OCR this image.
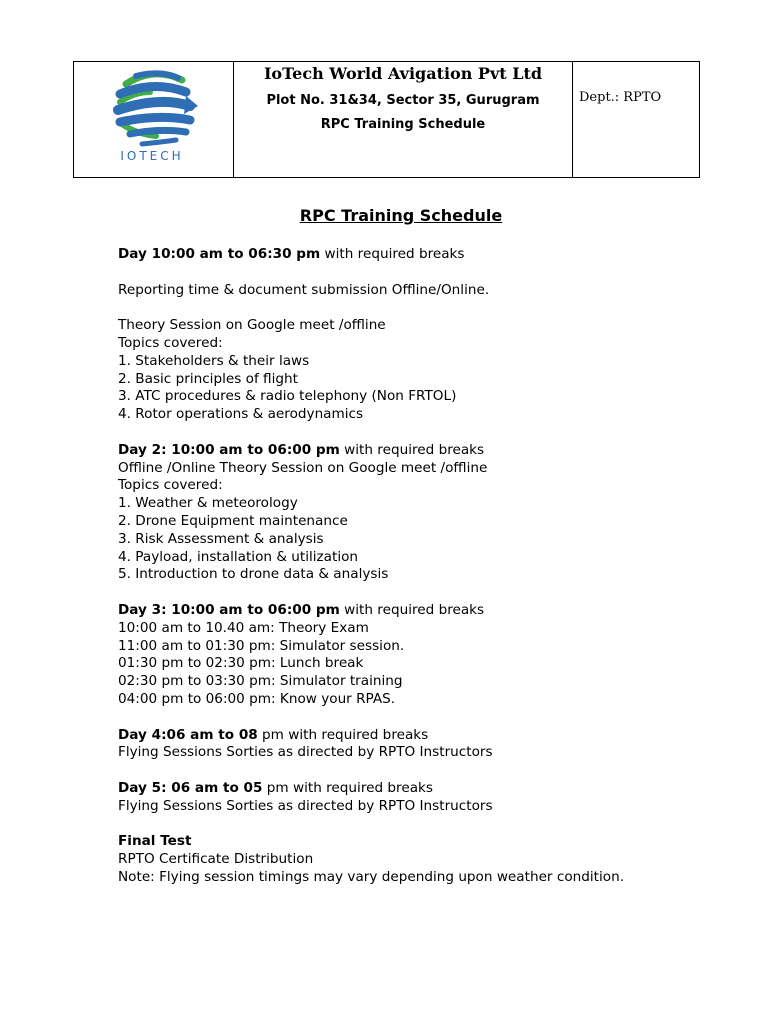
IOTECH

IoTech World Avigation Pvt Ltd
Plot No. 31&34, Sector 35, Gurugram
RPC Training Schedule
	Dept.: RPTO
RPC Training Schedule
Day 10:00 am to 06:30 pm with required breaks
Reporting time & document submission Offline/Online.
Theory Session on Google meet /offline
Topics covered:
1. Stakeholders & their laws
2. Basic principles of flight
3. ATC procedures & radio telephony (Non FRTOL)
4. Rotor operations & aerodynamics
Day 2: 10:00 am to 06:00 pm with required breaks
Offline /Online Theory Session on Google meet /offline
Topics covered:
1. Weather & meteorology
2. Drone Equipment maintenance
3. Risk Assessment & analysis
4. Payload, installation & utilization
5. Introduction to drone data & analysis
Day 3: 10:00 am to 06:00 pm with required breaks
10:00 am to 10.40 am: Theory Exam
11:00 am to 01:30 pm: Simulator session.
01:30 pm to 02:30 pm: Lunch break
02:30 pm to 03:30 pm: Simulator training
04:00 pm to 06:00 pm: Know your RPAS.
Day 4:06 am to 08 pm with required breaks
Flying Sessions Sorties as directed by RPTO Instructors
Day 5: 06 am to 05 pm with required breaks
Flying Sessions Sorties as directed by RPTO Instructors
Final Test
RPTO Certificate Distribution
Note: Flying session timings may vary depending upon weather condition.
